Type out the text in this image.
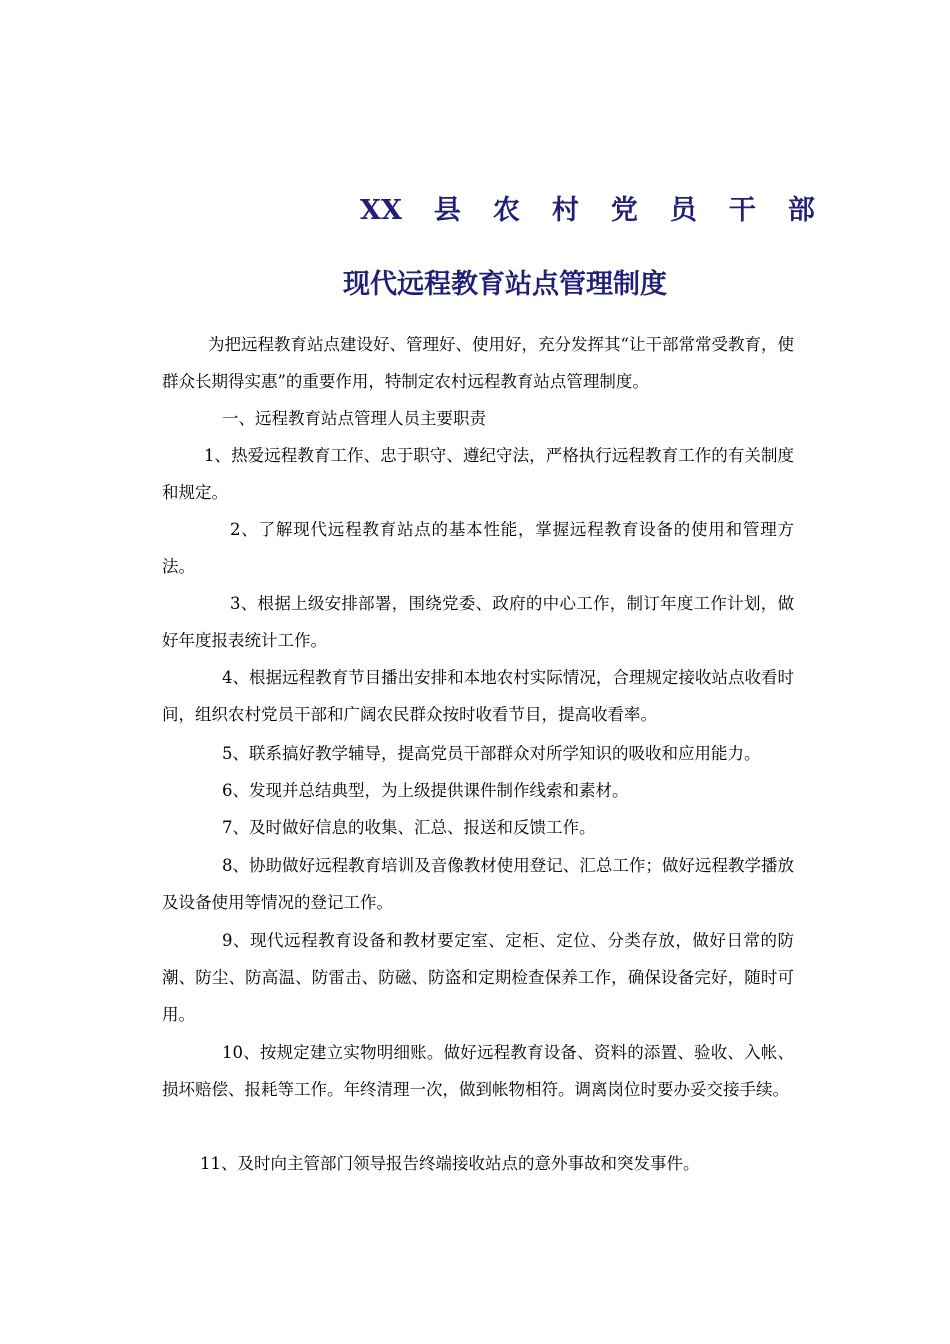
XX 县 农 村 党 员 干 部
现代远程教育站点管理制度
为把远程教育站点建设好、管理好、使用好，充分发挥其“让干部常常受教育，使群众长期得实惠”的重要作用，特制定农村远程教育站点管理制度。
一、远程教育站点管理人员主要职责
1、热爱远程教育工作、忠于职守、遵纪守法，严格执行远程教育工作的有关制度和规定。
2、了解现代远程教育站点的基本性能，掌握远程教育设备的使用和管理方法。
3、根据上级安排部署，围绕党委、政府的中心工作，制订年度工作计划，做好年度报表统计工作。
4、根据远程教育节目播出安排和本地农村实际情况，合理规定接收站点收看时间，组织农村党员干部和广阔农民群众按时收看节目，提高收看率。
5、联系搞好教学辅导，提高党员干部群众对所学知识的吸收和应用能力。
6、发现并总结典型，为上级提供课件制作线索和素材。
7、及时做好信息的收集、汇总、报送和反馈工作。
8、协助做好远程教育培训及音像教材使用登记、汇总工作；做好远程教学播放及设备使用等情况的登记工作。
9、现代远程教育设备和教材要定室、定柜、定位、分类存放，做好日常的防潮、防尘、防高温、防雷击、防磁、防盗和定期检查保养工作，确保设备完好，随时可用。
10、按规定建立实物明细账。做好远程教育设备、资料的添置、验收、入帐、损坏赔偿、报耗等工作。年终清理一次，做到帐物相符。调离岗位时要办妥交接手续。
11、及时向主管部门领导报告终端接收站点的意外事故和突发事件。
